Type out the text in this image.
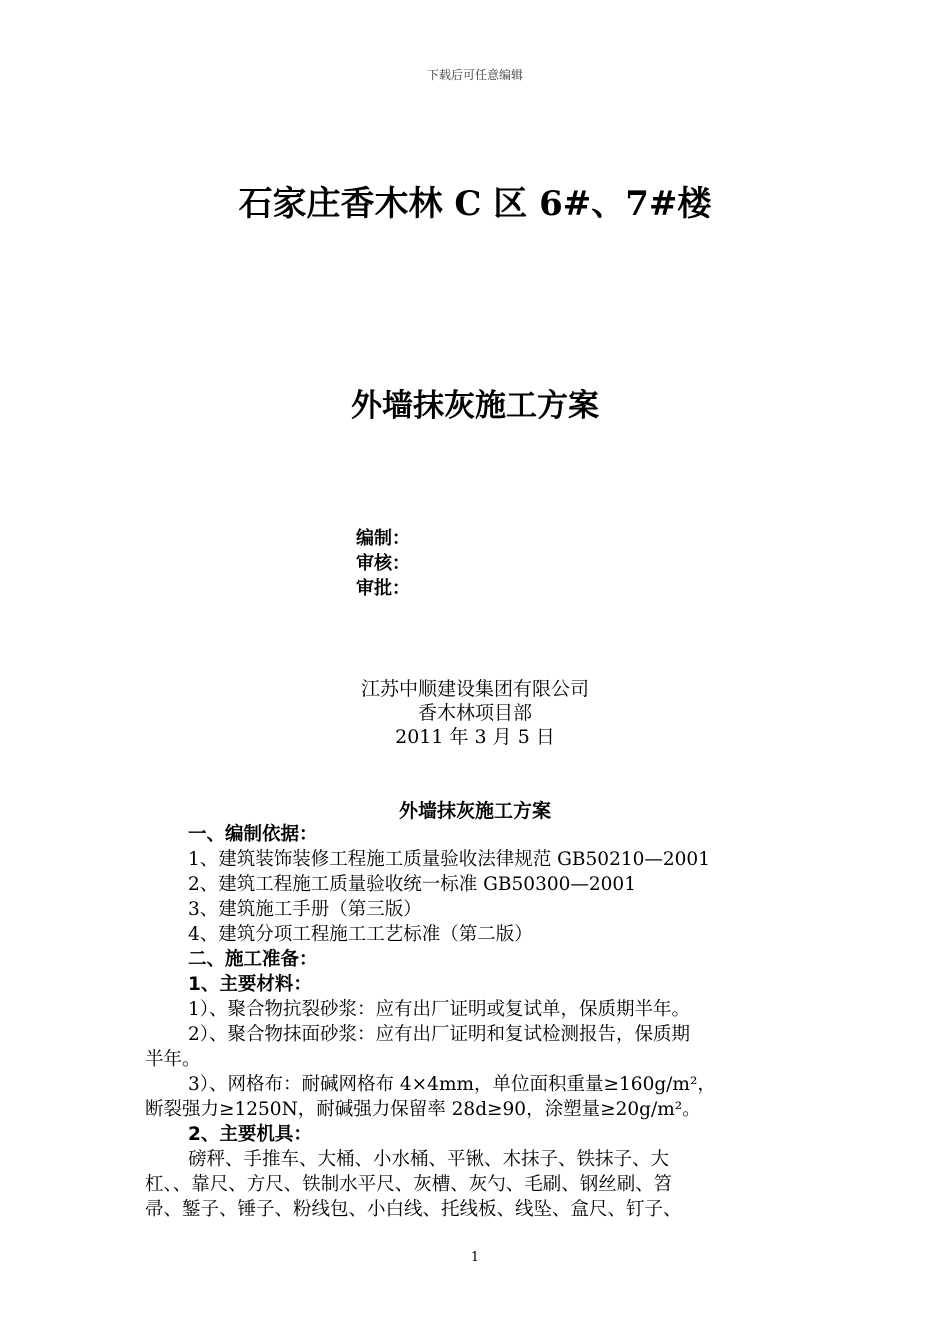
下载后可任意编辑
石家庄香木林 C 区 6#、7#楼
外墙抹灰施工方案
编制：
审核：
审批：
江苏中顺建设集团有限公司
香木林项目部
2011 年 3 月 5 日
外墙抹灰施工方案
一、编制依据：
1、建筑装饰装修工程施工质量验收法律规范 GB50210—2001
2、建筑工程施工质量验收统一标准 GB50300—2001
3、建筑施工手册（第三版）
4、建筑分项工程施工工艺标准（第二版）
二、施工准备：
1、主要材料：
1）、聚合物抗裂砂浆：应有出厂证明或复试单，保质期半年。
2）、聚合物抹面砂浆：应有出厂证明和复试检测报告，保质期
半年。
3）、网格布：耐碱网格布 4×4mm，单位面积重量≥160g/m²，
断裂强力≥1250N，耐碱强力保留率 28d≥90，涂塑量≥20g/m²。
2、主要机具：
磅秤、手推车、大桶、小水桶、平锹、木抹子、铁抹子、大
杠、、靠尺、方尺、铁制水平尺、灰槽、灰勺、毛刷、钢丝刷、笤
帚、錾子、锤子、粉线包、小白线、托线板、线坠、盒尺、钉子、
1
